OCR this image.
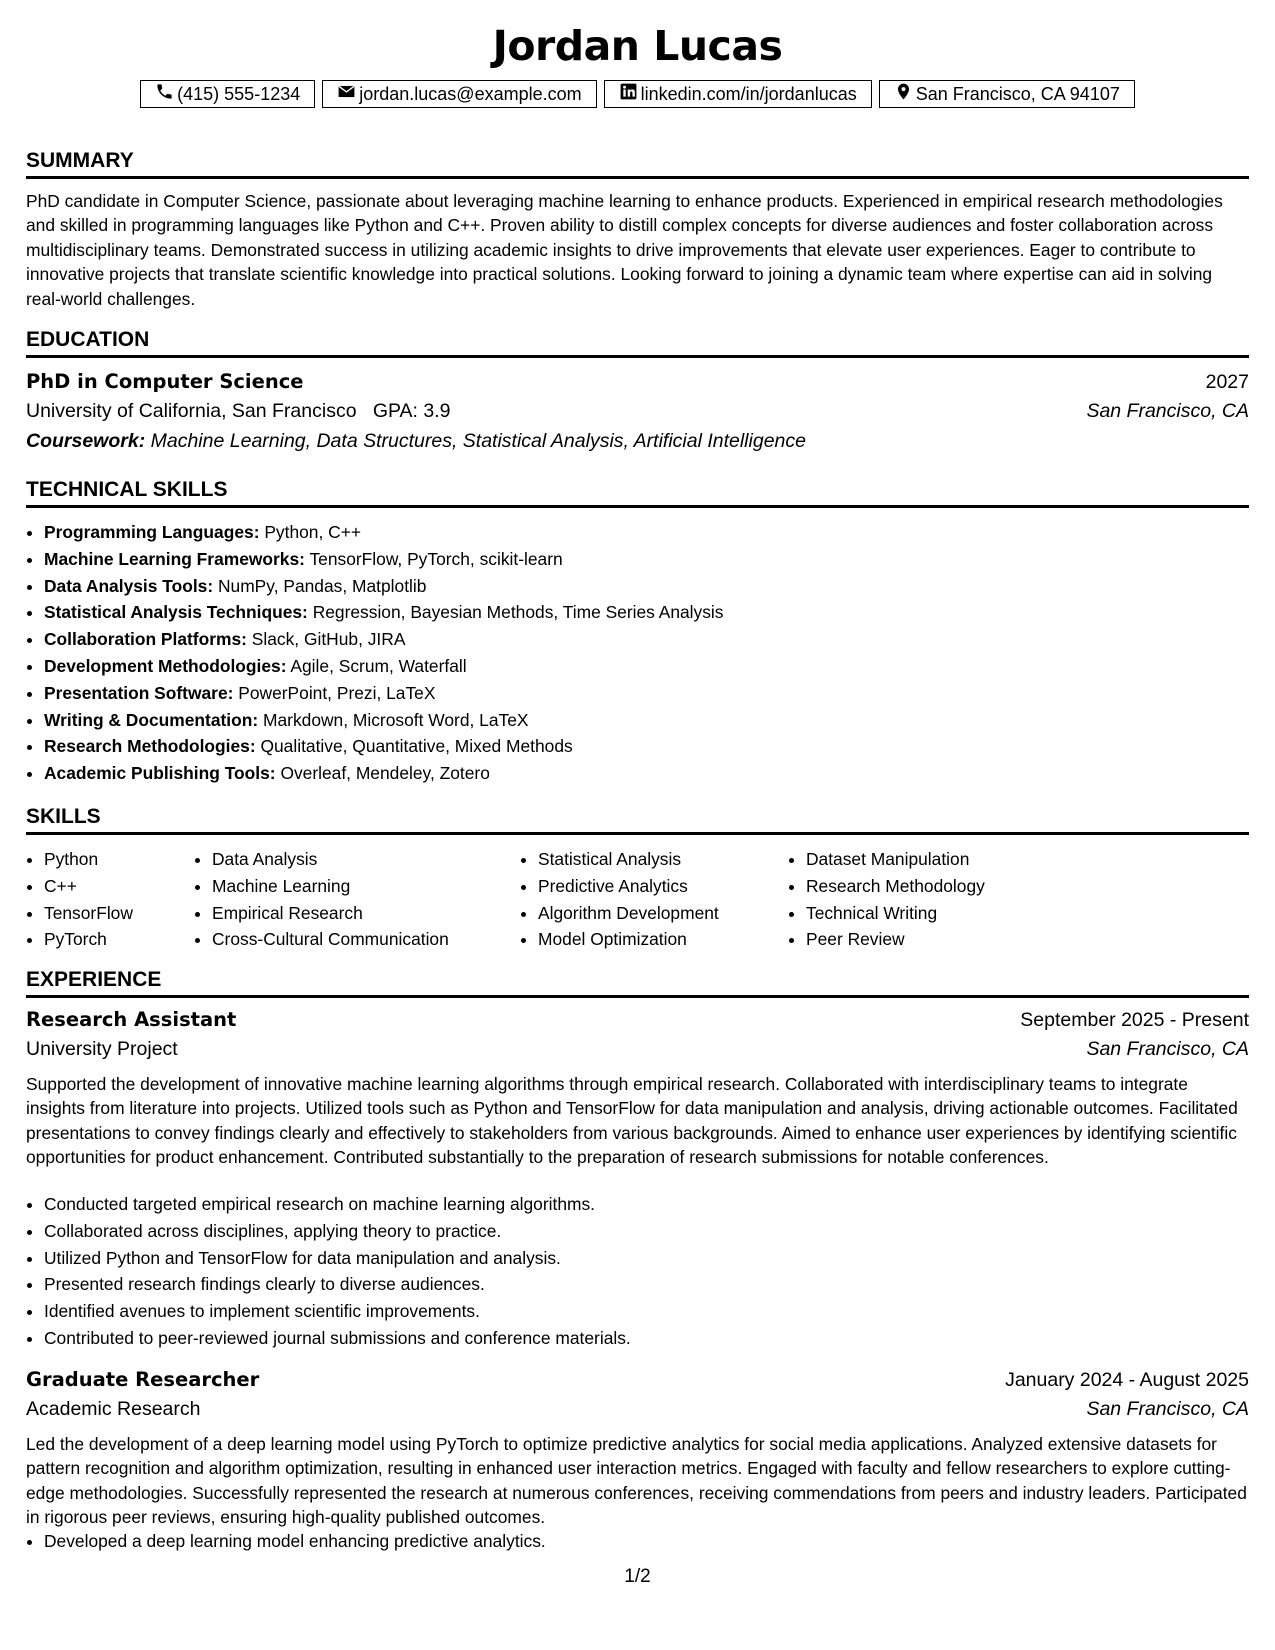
Jordan Lucas
(415) 555-1234	jordan.lucas@example.com	linkedin.com/in/jordanlucas	San Francisco, CA 94107
SUMMARY

PhD candidate in Computer Science, passionate about leveraging machine learning to enhance products. Experienced in empirical research methodologies and skilled in programming languages like Python and C++. Proven ability to distill complex concepts for diverse audiences and foster collaboration across multidisciplinary teams. Demonstrated success in utilizing academic insights to drive improvements that elevate user experiences. Eager to contribute to innovative projects that translate scientific knowledge into practical solutions. Looking forward to joining a dynamic team where expertise can aid in solving real-world challenges.

EDUCATION
PhD in Computer Science	2027
University of California, San Francisco GPA: 3.9	San Francisco, CA
Coursework: Machine Learning, Data Structures, Statistical Analysis, Artificial Intelligence
TECHNICAL SKILLS
• Programming Languages: Python, C++
• Machine Learning Frameworks: TensorFlow, PyTorch, scikit-learn
• Data Analysis Tools: NumPy, Pandas, Matplotlib
• Statistical Analysis Techniques: Regression, Bayesian Methods, Time Series Analysis
• Collaboration Platforms: Slack, GitHub, JIRA
• Development Methodologies: Agile, Scrum, Waterfall
• Presentation Software: PowerPoint, Prezi, LaTeX
• Writing & Documentation: Markdown, Microsoft Word, LaTeX
• Research Methodologies: Qualitative, Quantitative, Mixed Methods
• Academic Publishing Tools: Overleaf, Mendeley, Zotero
SKILLS
• Python
• C++
• TensorFlow
• PyTorch
• Data Analysis
• Machine Learning
• Empirical Research
• Cross-Cultural Communication
• Statistical Analysis
• Predictive Analytics
• Algorithm Development
• Model Optimization
• Dataset Manipulation
• Research Methodology
• Technical Writing
• Peer Review
EXPERIENCE
Research Assistant	September 2025 - Present
University Project	San Francisco, CA

Supported the development of innovative machine learning algorithms through empirical research. Collaborated with interdisciplinary teams to integrate insights from literature into projects. Utilized tools such as Python and TensorFlow for data manipulation and analysis, driving actionable outcomes. Facilitated presentations to convey findings clearly and effectively to stakeholders from various backgrounds. Aimed to enhance user experiences by identifying scientific opportunities for product enhancement. Contributed substantially to the preparation of research submissions for notable conferences.

• Conducted targeted empirical research on machine learning algorithms.
• Collaborated across disciplines, applying theory to practice.
• Utilized Python and TensorFlow for data manipulation and analysis.
• Presented research findings clearly to diverse audiences.
• Identified avenues to implement scientific improvements.
• Contributed to peer-reviewed journal submissions and conference materials.
Graduate Researcher	January 2024 - August 2025
Academic Research	San Francisco, CA

Led the development of a deep learning model using PyTorch to optimize predictive analytics for social media applications. Analyzed extensive datasets for pattern recognition and algorithm optimization, resulting in enhanced user interaction metrics. Engaged with faculty and fellow researchers to explore cutting-edge methodologies. Successfully represented the research at numerous conferences, receiving commendations from peers and industry leaders. Participated in rigorous peer reviews, ensuring high-quality published outcomes.

• Developed a deep learning model enhancing predictive analytics.
1/2
